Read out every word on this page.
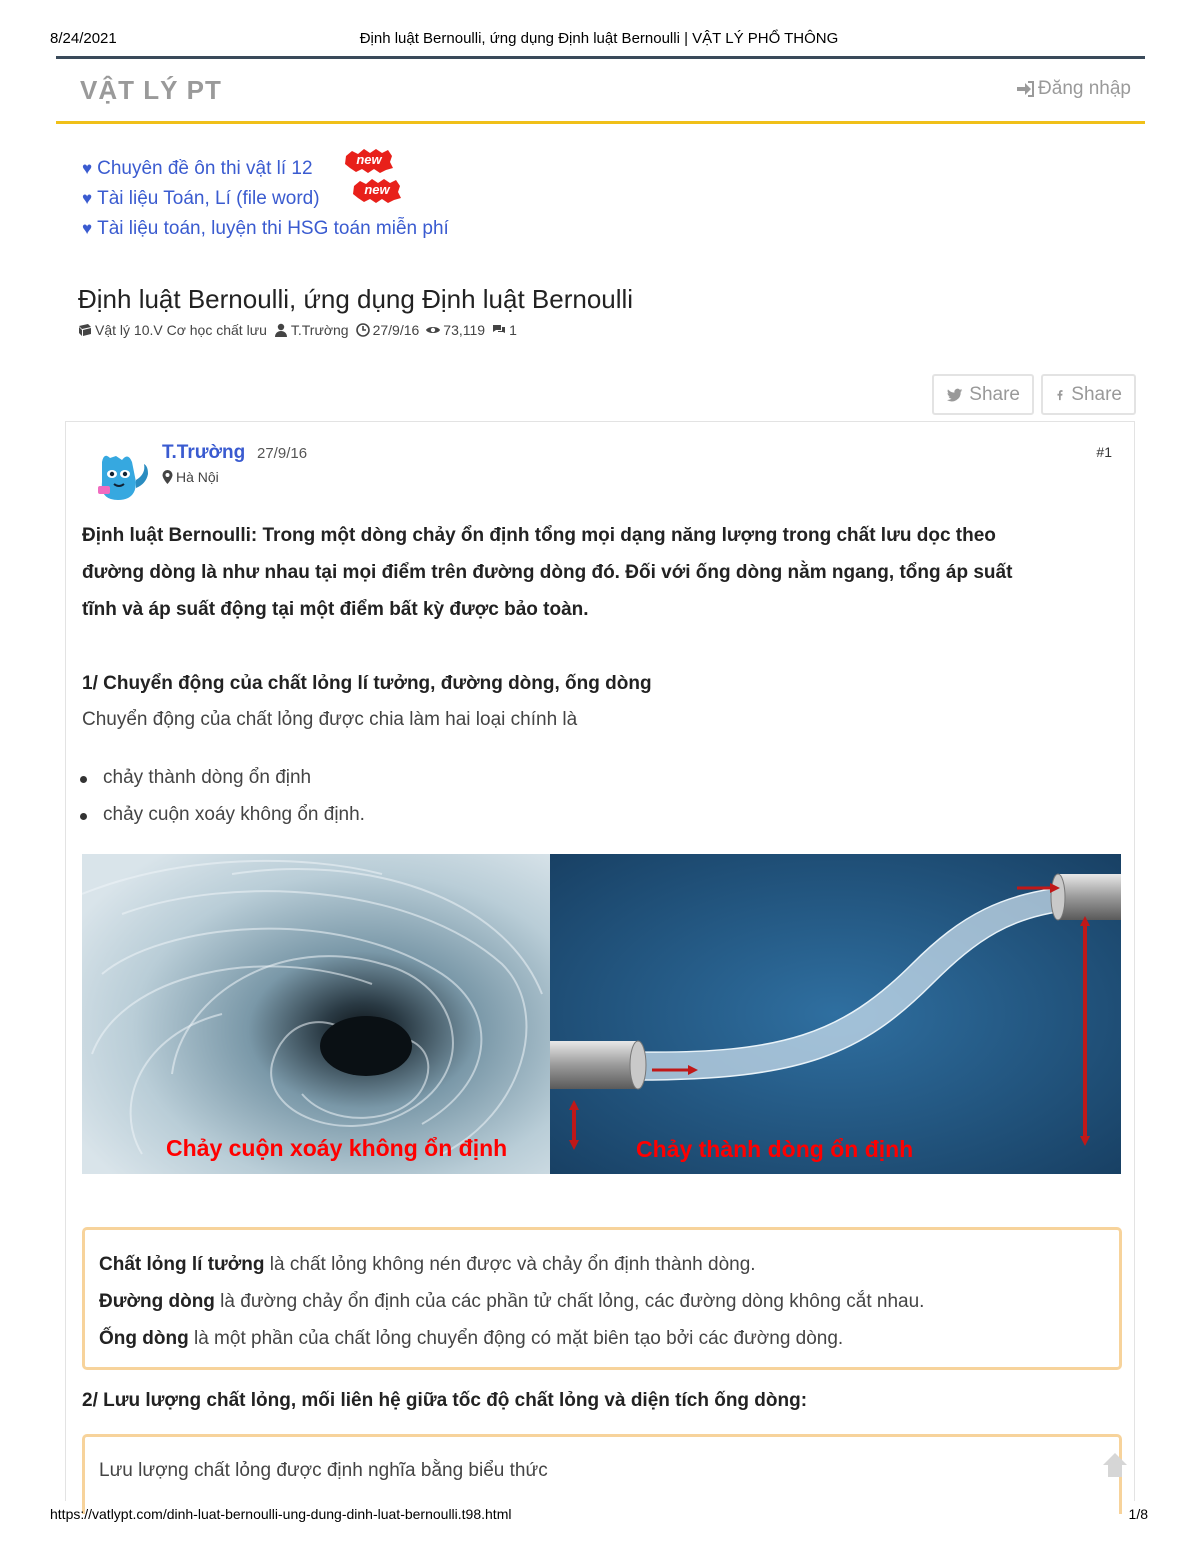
8/24/2021	Định luật Bernoulli, ứng dụng Định luật Bernoulli | VẬT LÝ PHỔ THÔNG
VẬT LÝ PT	Đăng nhập
♥ Chuyên đề ôn thi vật lí 12	new
♥ Tài liệu Toán, Lí (file word)	new
♥ Tài liệu toán, luyện thi HSG toán miễn phí
Định luật Bernoulli, ứng dụng Định luật Bernoulli
Vật lý 10.V Cơ học chất lưu T.Trường 27/9/16 73,119 1
Share	Share
T.Trường 27/9/16
Hà Nội
#1

Định luật Bernoulli: Trong một dòng chảy ổn định tổng mọi dạng năng lượng trong chất lưu dọc theo
đường dòng là như nhau tại mọi điểm trên đường dòng đó. Đối với ống dòng nằm ngang, tổng áp suất
tĩnh và áp suất động tại một điểm bất kỳ được bảo toàn.

1/ Chuyển động của chất lỏng lí tưởng, đường dòng, ống dòng
Chuyển động của chất lỏng được chia làm hai loại chính là
chảy thành dòng ổn định
chảy cuộn xoáy không ổn định.
Chảy cuộn xoáy không ổn định	Chảy thành dòng ổn định
Chất lỏng lí tưởng là chất lỏng không nén được và chảy ổn định thành dòng.
Đường dòng là đường chảy ổn định của các phần tử chất lỏng, các đường dòng không cắt nhau.
Ống dòng là một phần của chất lỏng chuyển động có mặt biên tạo bởi các đường dòng.
2/ Lưu lượng chất lỏng, mối liên hệ giữa tốc độ chất lỏng và diện tích ống dòng:
Lưu lượng chất lỏng được định nghĩa bằng biểu thức
https://vatlypt.com/dinh-luat-bernoulli-ung-dung-dinh-luat-bernoulli.t98.html	1/8
